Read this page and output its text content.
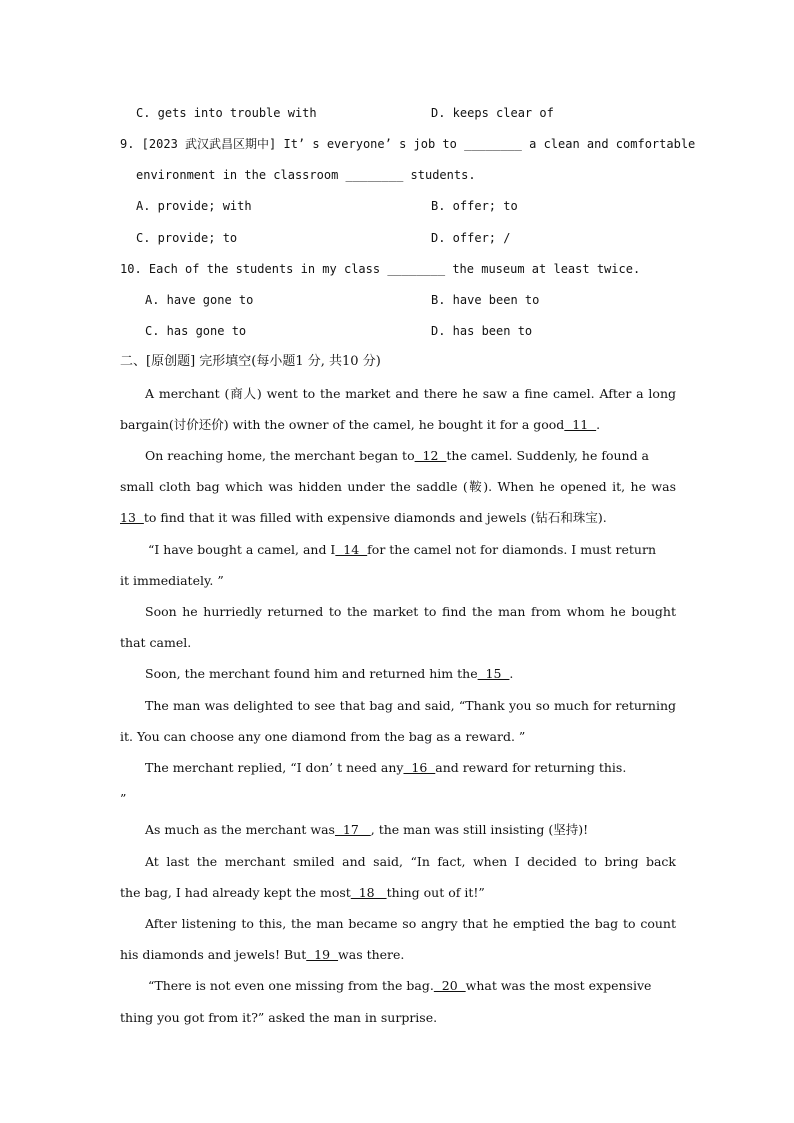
C. gets into trouble with	D. keeps clear of
9. [2023 武汉武昌区期中] It’ s everyone’ s job to ________ a clean and comfortable
environment in the classroom ________ students.
A. provide; with	B. offer; to
C. provide; to	D. offer; /
10. Each of the students in my class ________ the museum at least twice.
A. have gone to	B. have been to
C. has gone to	D. has been to
二、[原创题] 完形填空(每小题1 分, 共10 分)
A merchant (商人) went to the market and there he saw a fine camel. After a long
bargain(讨价还价) with the owner of the camel, he bought it for a good  11  .
On reaching home, the merchant began to  12  the camel. Suddenly, he found a
small cloth bag which was hidden under the saddle (鞍). When he opened it, he was
13  to find that it was filled with expensive diamonds and jewels (钻石和珠宝).
“I have bought a camel, and I  14  for the camel not for diamonds. I must return
it immediately. ”
Soon he hurriedly returned to the market to find the man from whom he bought
that camel.
Soon, the merchant found him and returned him the  15  .
The man was delighted to see that bag and said, “Thank you so much for returning
it. You can choose any one diamond from the bag as a reward. ”
The merchant replied, “I don’ t need any  16  and reward for returning this.
”
As much as the merchant was  17   , the man was still insisting (坚持)!
At last the merchant smiled and said, “In fact, when I decided to bring back
the bag, I had already kept the most  18   thing out of it!”
After listening to this, the man became so angry that he emptied the bag to count
his diamonds and jewels! But  19  was there.
“There is not even one missing from the bag.  20  what was the most expensive
thing you got from it?” asked the man in surprise.
